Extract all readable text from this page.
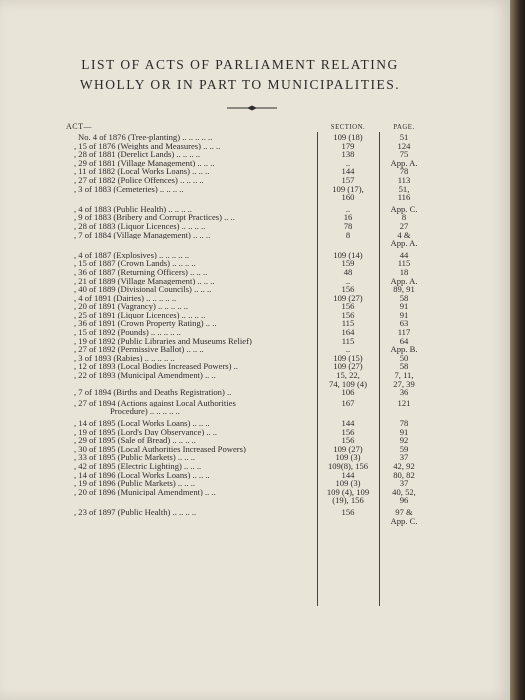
LIST OF ACTS OF PARLIAMENT RELATING
WHOLLY OR IN PART TO MUNICIPALITIES.
ACT—	SECTION.	PAGE.
No. 4 of 1876 (Tree-planting) .. .. .. .. ..	109 (18)	51
, 15 of 1876 (Weights and Measures) .. .. ..	179	124
, 28 of 1881 (Derelict Lands) .. .. .. ..	138	75
, 29 of 1881 (Village Management) .. .. ..	..	App. A.
, 11 of 1882 (Local Works Loans) .. .. ..	144	78
, 27 of 1882 (Police Offences) .. .. .. ..	157	113
, 3 of 1883 (Cemeteries) .. .. .. ..	109 (17),	51,
160	116
, 4 of 1883 (Public Health) .. .. .. ..	..	App. C.
, 9 of 1883 (Bribery and Corrupt Practices) .. ..	16	8
, 28 of 1883 (Liquor Licences) .. .. .. ..	78	27
, 7 of 1884 (Village Management) .. .. ..	8	4 &
App. A.
, 4 of 1887 (Explosives) .. .. .. .. ..	109 (14)	44
, 15 of 1887 (Crown Lands) .. .. .. ..	159	115
, 36 of 1887 (Returning Officers) .. .. ..	48	18
, 21 of 1889 (Village Management) .. .. ..	..	App. A.
, 40 of 1889 (Divisional Councils) .. .. ..	156	89, 91
, 4 of 1891 (Dairies) .. .. .. .. ..	109 (27)	58
, 20 of 1891 (Vagrancy) .. .. .. .. ..	156	91
, 25 of 1891 (Liquor Licences) .. .. .. ..	156	91
, 36 of 1891 (Crown Property Rating) .. ..	115	63
, 15 of 1892 (Pounds) .. .. .. .. ..	164	117
, 19 of 1892 (Public Libraries and Museums Relief)	115	64
, 27 of 1892 (Permissive Ballot) .. .. ..	..	App. B.
, 3 of 1893 (Rabies) .. .. .. .. ..	109 (15)	50
, 12 of 1893 (Local Bodies Increased Powers) ..	109 (27)	58
, 22 of 1893 (Municipal Amendment) .. ..	15, 22,	7, 11,
74, 109 (4)	27, 39
, 7 of 1894 (Births and Deaths Registration) ..	106	36
, 27 of 1894 (Actions against Local Authorities	167	121
Procedure) .. .. .. .. ..
, 14 of 1895 (Local Works Loans) .. .. ..	144	78
, 19 of 1895 (Lord's Day Observance) .. ..	156	91
, 29 of 1895 (Sale of Bread) .. .. .. ..	156	92
, 30 of 1895 (Local Authorities Increased Powers)	109 (27)	59
, 33 of 1895 (Public Markets) .. .. ..	109 (3)	37
, 42 of 1895 (Electric Lighting) .. .. ..	109(8), 156	42, 92
, 14 of 1896 (Local Works Loans) .. .. ..	144	80, 82
, 19 of 1896 (Public Markets) .. .. ..	109 (3)	37
, 20 of 1896 (Municipal Amendment) .. ..	109 (4), 109	40, 52,
(19), 156	96
, 23 of 1897 (Public Health) .. .. .. ..	156	97 &
App. C.
